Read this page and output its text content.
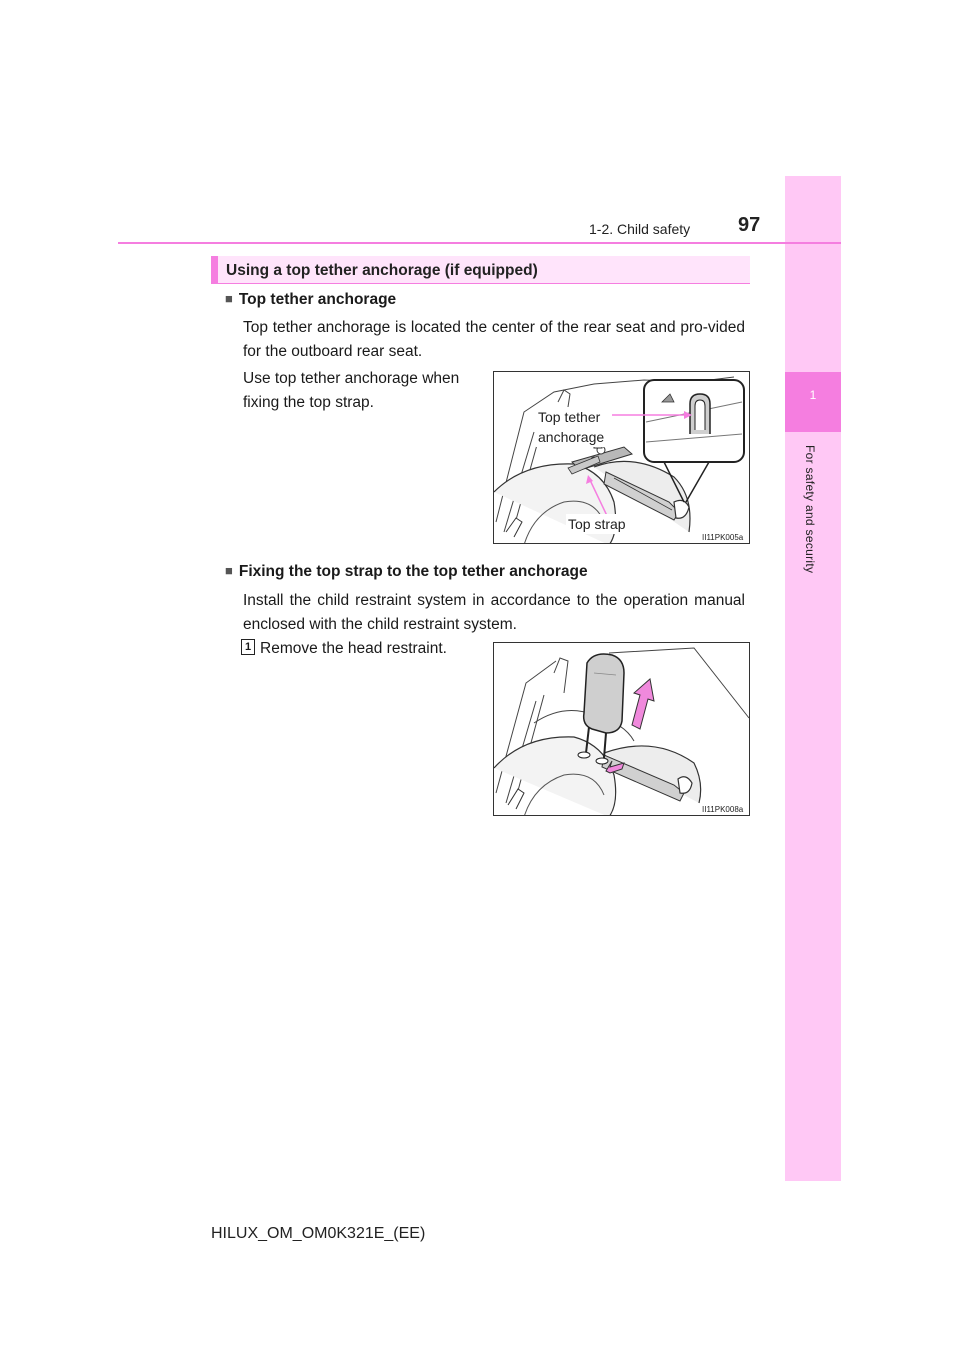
1
For safety and security
1-2. Child safety 97
Using a top tether anchorage (if equipped)
■ Top tether anchorage
Top tether anchorage is located the center of the rear seat and pro-vided for the outboard rear seat.
Use top tether anchorage when fixing the top strap.
Top tether anchorage
Top strap
II11PK005a
■ Fixing the top strap to the top tether anchorage
Install the child restraint system in accordance to the operation manual enclosed with the child restraint system.
1 Remove the head restraint.
II11PK008a
HILUX_OM_OM0K321E_(EE)
